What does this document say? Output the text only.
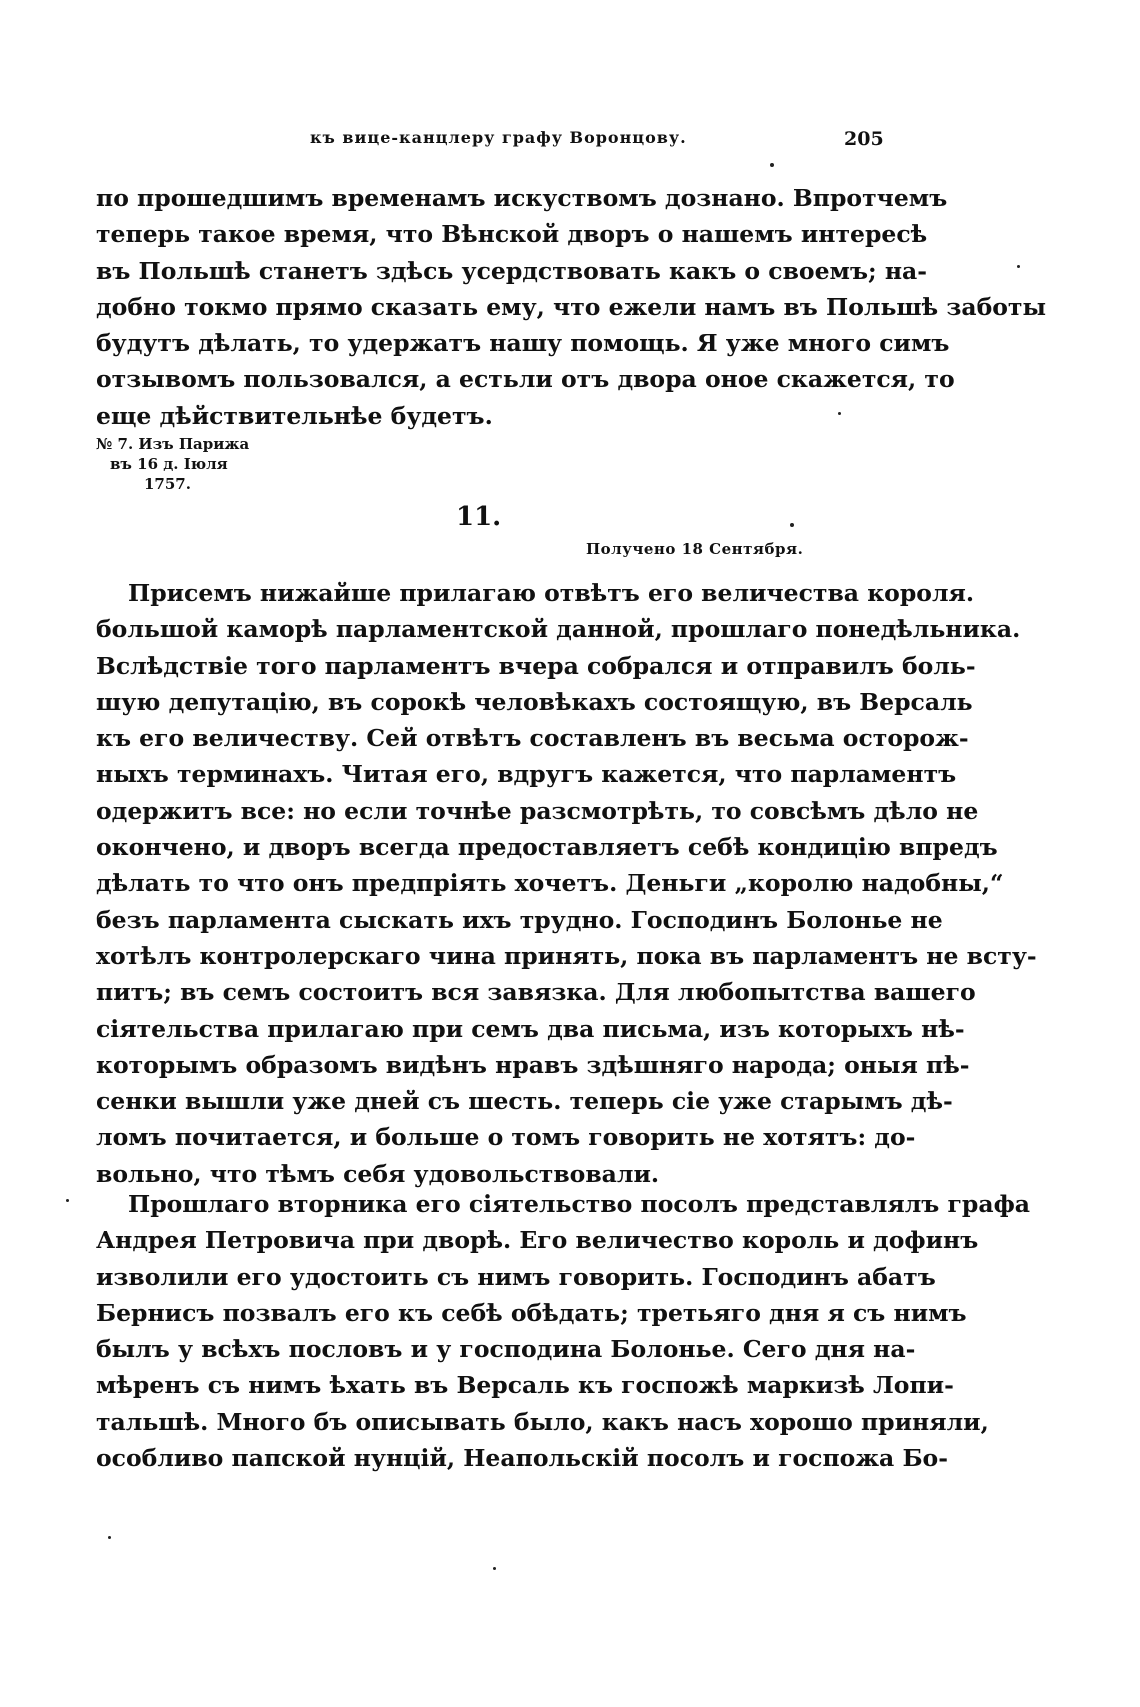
къ вице-канцлеру графу Воронцову.	205
по прошедшимъ временамъ искуствомъ дознано. Впротчемъ
теперь такое время, что Вѣнской дворъ о нашемъ интересѣ
въ Польшѣ станетъ здѣсь усердствовать какъ о своемъ; на-
добно токмо прямо сказать ему, что ежели намъ въ Польшѣ заботы
будутъ дѣлать, то удержатъ нашу помощь. Я уже много симъ
отзывомъ пользовался, а естьли отъ двора оное скажется, то
еще дѣйствительнѣе будетъ.
№ 7. Изъ Парижа
въ 16 д. Іюля
1757.
11.
Получено 18 Сентября.
Присемъ нижайше прилагаю отвѣтъ его величества короля.
большой каморѣ парламентской данной, прошлаго понедѣльника.
Вслѣдствіе того парламентъ вчера собрался и отправилъ боль-
шую депутацію, въ сорокѣ человѣкахъ состоящую, въ Версаль
къ его величеству. Сей отвѣтъ составленъ въ весьма осторож-
ныхъ терминахъ. Читая его, вдругъ кажется, что парламентъ
одержитъ все: но если точнѣе разсмотрѣть, то совсѣмъ дѣло не
окончено, и дворъ всегда предоставляетъ себѣ кондицію впредъ
дѣлать то что онъ предпріять хочетъ. Деньги „королю надобны,“
безъ парламента сыскать ихъ трудно. Господинъ Болонье не
хотѣлъ контролерскаго чина принять, пока въ парламентъ не всту-
питъ; въ семъ состоитъ вся завязка. Для любопытства вашего
сіятельства прилагаю при семъ два письма, изъ которыхъ нѣ-
которымъ образомъ видѣнъ нравъ здѣшняго народа; оныя пѣ-
сенки вышли уже дней съ шесть. теперь сіе уже старымъ дѣ-
ломъ почитается, и больше о томъ говорить не хотятъ: до-
вольно, что тѣмъ себя удовольствовали.
Прошлаго вторника его сіятельство посолъ представлялъ графа
Андрея Петровича при дворѣ. Его величество король и дофинъ
изволили его удостоить съ нимъ говорить. Господинъ абатъ
Бернисъ позвалъ его къ себѣ обѣдать; третьяго дня я съ нимъ
былъ у всѣхъ пословъ и у господина Болонье. Сего дня на-
мѣренъ съ нимъ ѣхать въ Версаль къ госпожѣ маркизѣ Лопи-
тальшѣ. Много бъ описывать было, какъ насъ хорошо приняли,
особливо папской нунцій, Неапольскій посолъ и госпожа Бо-
